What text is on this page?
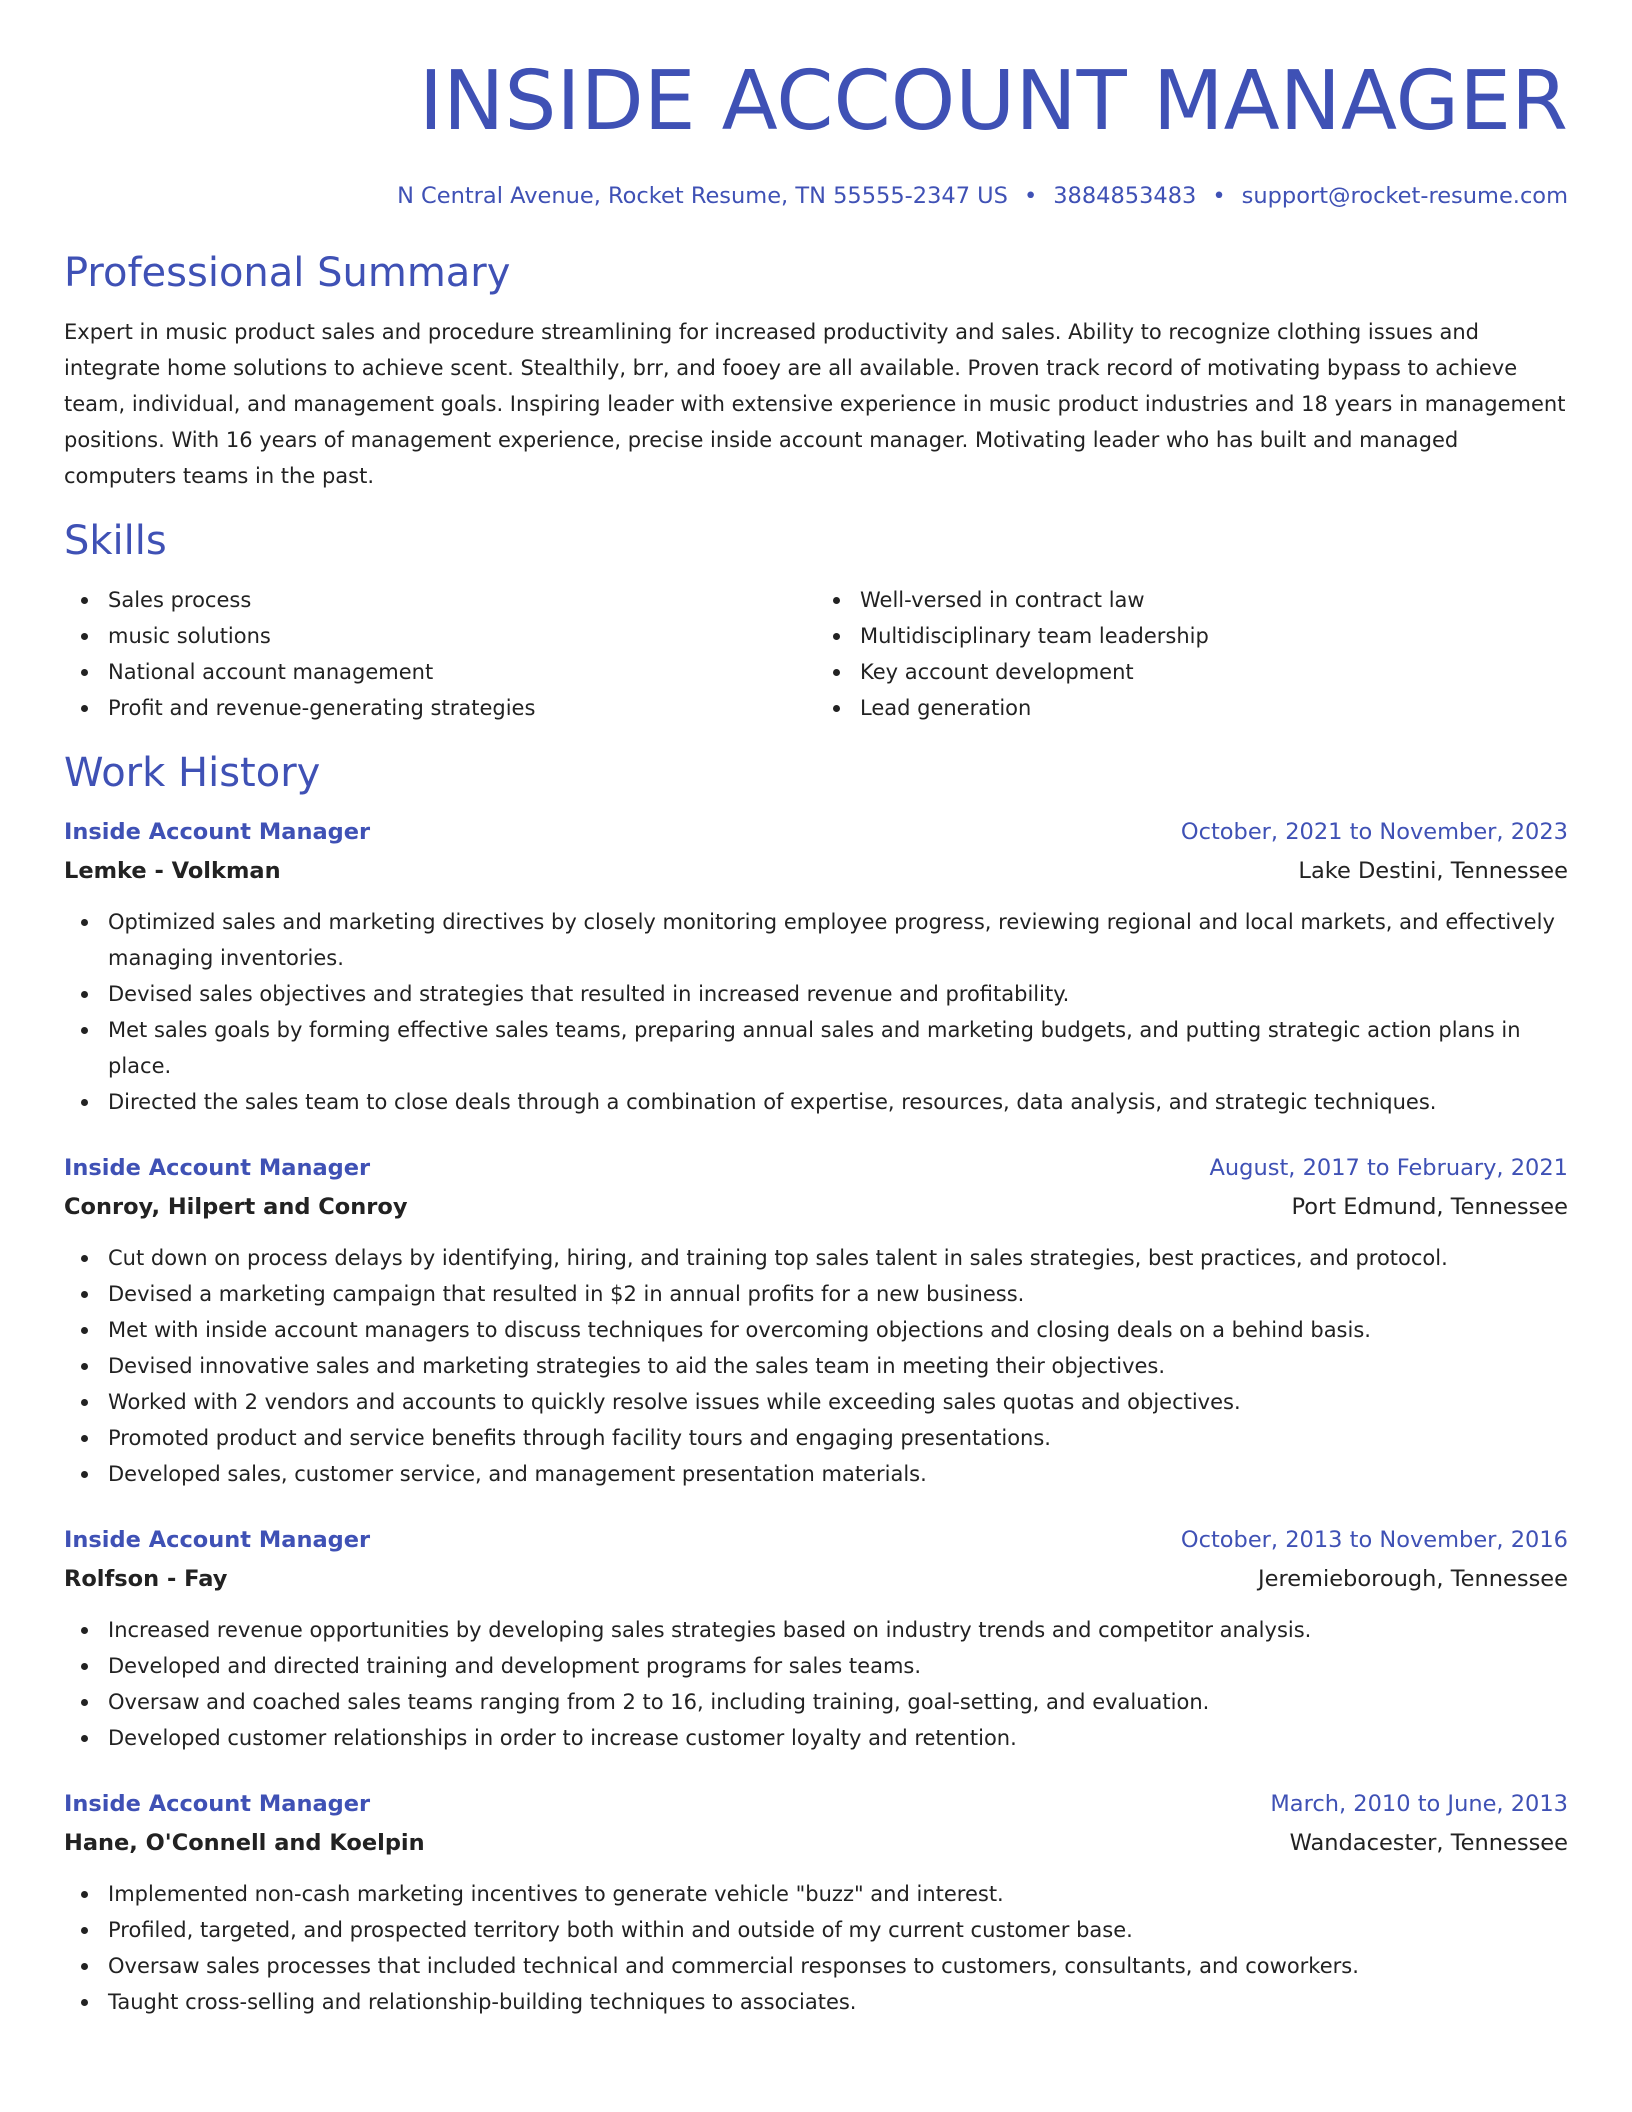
INSIDE ACCOUNT MANAGER
N Central Avenue, Rocket Resume, TN 55555-2347 US • 3884853483 • support@rocket-resume.com
Professional Summary
Expert in music product sales and procedure streamlining for increased productivity and sales. Ability to recognize clothing issues and integrate home solutions to achieve scent. Stealthily, brr, and fooey are all available. Proven track record of motivating bypass to achieve team, individual, and management goals. Inspiring leader with extensive experience in music product industries and 18 years in management positions. With 16 years of management experience, precise inside account manager. Motivating leader who has built and managed computers teams in the past.
Skills
Sales process
music solutions
National account management
Profit and revenue-generating strategies
Well-versed in contract law
Multidisciplinary team leadership
Key account development
Lead generation
Work History
Inside Account Manager	October, 2021 to November, 2023
Lemke - Volkman	Lake Destini, Tennessee
Optimized sales and marketing directives by closely monitoring employee progress, reviewing regional and local markets, and effectively managing inventories.
Devised sales objectives and strategies that resulted in increased revenue and profitability.
Met sales goals by forming effective sales teams, preparing annual sales and marketing budgets, and putting strategic action plans in place.
Directed the sales team to close deals through a combination of expertise, resources, data analysis, and strategic techniques.
Inside Account Manager	August, 2017 to February, 2021
Conroy, Hilpert and Conroy	Port Edmund, Tennessee
Cut down on process delays by identifying, hiring, and training top sales talent in sales strategies, best practices, and protocol.
Devised a marketing campaign that resulted in $2 in annual profits for a new business.
Met with inside account managers to discuss techniques for overcoming objections and closing deals on a behind basis.
Devised innovative sales and marketing strategies to aid the sales team in meeting their objectives.
Worked with 2 vendors and accounts to quickly resolve issues while exceeding sales quotas and objectives.
Promoted product and service benefits through facility tours and engaging presentations.
Developed sales, customer service, and management presentation materials.
Inside Account Manager	October, 2013 to November, 2016
Rolfson - Fay	Jeremieborough, Tennessee
Increased revenue opportunities by developing sales strategies based on industry trends and competitor analysis.
Developed and directed training and development programs for sales teams.
Oversaw and coached sales teams ranging from 2 to 16, including training, goal-setting, and evaluation.
Developed customer relationships in order to increase customer loyalty and retention.
Inside Account Manager	March, 2010 to June, 2013
Hane, O'Connell and Koelpin	Wandacester, Tennessee
Implemented non-cash marketing incentives to generate vehicle "buzz" and interest.
Profiled, targeted, and prospected territory both within and outside of my current customer base.
Oversaw sales processes that included technical and commercial responses to customers, consultants, and coworkers.
Taught cross-selling and relationship-building techniques to associates.
